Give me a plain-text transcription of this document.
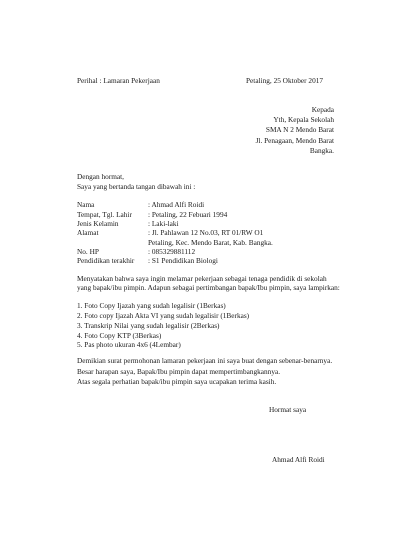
Perihal : Lamaran Pekerjaan	Petaling, 25 Oktober 2017
Kepada
Yth, Kepala Sekolah
SMA N 2 Mendo Barat
Jl. Penagaan, Mendo Barat
Bangka.
Dengan hormat,
Saya yang bertanda tangan dibawah ini :
Nama	: Ahmad Alfi Roidi
Tempat, Tgl. Lahir : Petaling, 22 Febuari 1994
Jenis Kelamin	: Laki-laki
Alamat	: Jl. Pahlawan 12 No.03, RT 01/RW O1
Petaling, Kec. Mendo Barat, Kab. Bangka.
No. HP	: 085329881112
Pendidikan terakhir : S1 Pendidikan Biologi
Menyatakan bahwa saya ingin melamar pekerjaan sebagai tenaga pendidik di sekolah
yang bapak/ibu pimpin. Adapun sebagai pertimbangan bapak/Ibu pimpin, saya lampirkan:
1. Foto Copy Ijazah yang sudah legalisir (1Berkas)
2. Foto copy Ijazah Akta VI yang sudah legalisir (1Berkas)
3. Transkrip Nilai yang sudah legalisir (2Berkas)
4. Foto Copy KTP (3Berkas)
5. Pas photo ukuran 4x6 (4Lembar)
Demikian surat permohonan lamaran pekerjaan ini saya buat dengan sebenar-benarnya.
Besar harapan saya, Bapak/Ibu pimpin dapat mempertimbangkannya.
Atas segala perhatian bapak/ibu pimpin saya ucapakan terima kasih.
Hormat saya
Ahmad Alfi Roidi
